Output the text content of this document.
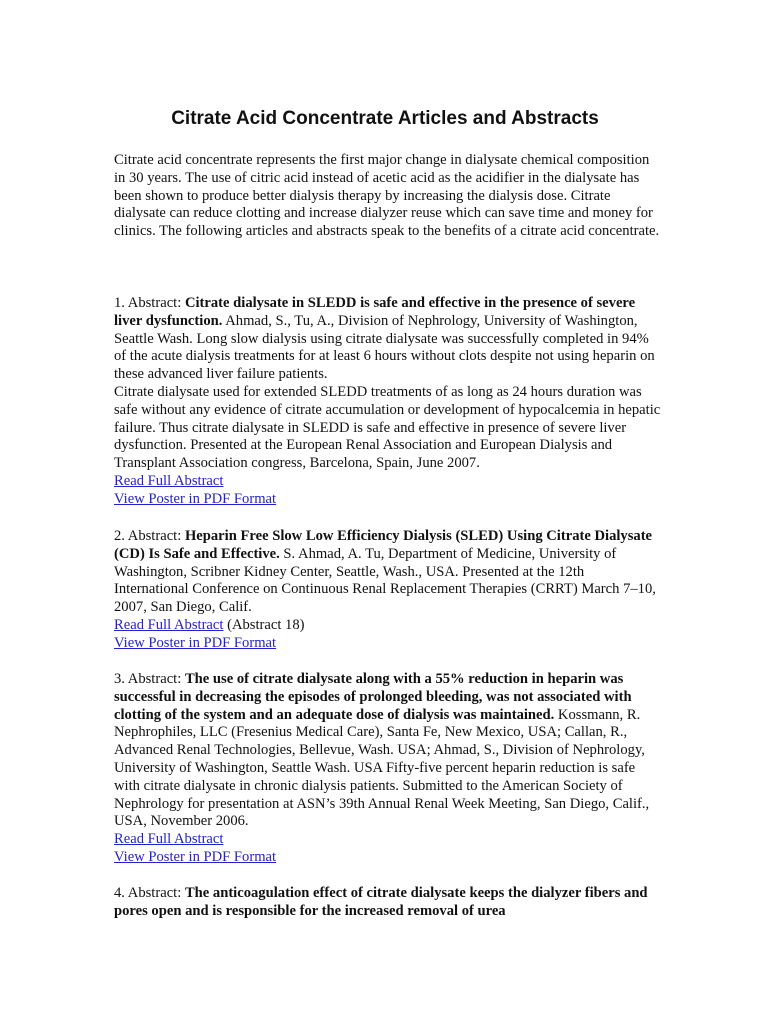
Citrate Acid Concentrate Articles and Abstracts

Citrate acid concentrate represents the first major change in dialysate chemical composition in 30 years. The use of citric acid instead of acetic acid as the acidifier in the dialysate has been shown to produce better dialysis therapy by increasing the dialysis dose. Citrate dialysate can reduce clotting and increase dialyzer reuse which can save time and money for clinics. The following articles and abstracts speak to the benefits of a citrate acid concentrate.

1. Abstract: Citrate dialysate in SLEDD is safe and effective in the presence of severe liver dysfunction. Ahmad, S., Tu, A., Division of Nephrology, University of Washington, Seattle Wash. Long slow dialysis using citrate dialysate was successfully completed in 94% of the acute dialysis treatments for at least 6 hours without clots despite not using heparin on these advanced liver failure patients.

Citrate dialysate used for extended SLEDD treatments of as long as 24 hours duration was safe without any evidence of citrate accumulation or development of hypocalcemia in hepatic failure. Thus citrate dialysate in SLEDD is safe and effective in presence of severe liver dysfunction. Presented at the European Renal Association and European Dialysis and Transplant Association congress, Barcelona, Spain, June 2007.

Read Full Abstract
View Poster in PDF Format

2. Abstract: Heparin Free Slow Low Efficiency Dialysis (SLED) Using Citrate Dialysate (CD) Is Safe and Effective. S. Ahmad, A. Tu, Department of Medicine, University of Washington, Scribner Kidney Center, Seattle, Wash., USA. Presented at the 12th International Conference on Continuous Renal Replacement Therapies (CRRT) March 7–10, 2007, San Diego, Calif.

Read Full Abstract (Abstract 18)

View Poster in PDF Format

3. Abstract: The use of citrate dialysate along with a 55% reduction in heparin was successful in decreasing the episodes of prolonged bleeding, was not associated with clotting of the system and an adequate dose of dialysis was maintained. Kossmann, R. Nephrophiles, LLC (Fresenius Medical Care), Santa Fe, New Mexico, USA; Callan, R., Advanced Renal Technologies, Bellevue, Wash. USA; Ahmad, S., Division of Nephrology, University of Washington, Seattle Wash. USA Fifty-five percent heparin reduction is safe with citrate dialysate in chronic dialysis patients. Submitted to the American Society of Nephrology for presentation at ASN’s 39th Annual Renal Week Meeting, San Diego, Calif., USA, November 2006.

Read Full Abstract
View Poster in PDF Format

4. Abstract: The anticoagulation effect of citrate dialysate keeps the dialyzer fibers and pores open and is responsible for the increased removal of urea
